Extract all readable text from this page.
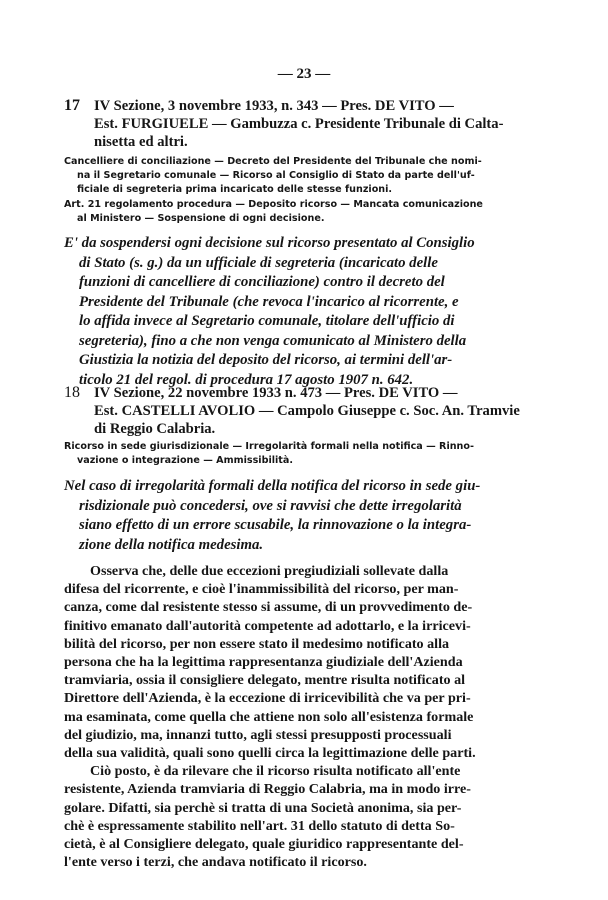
— 23 —
17 IV Sezione, 3 novembre 1933, n. 343 — Pres. DE VITO —
Est. FURGIUELE — Gambuzza c. Presidente Tribunale di Calta-
nisetta ed altri.
Cancelliere di conciliazione — Decreto del Presidente del Tribunale che nomi-
na il Segretario comunale — Ricorso al Consiglio di Stato da parte dell'uf-
ficiale di segreteria prima incaricato delle stesse funzioni.
Art. 21 regolamento procedura — Deposito ricorso — Mancata comunicazione
al Ministero — Sospensione di ogni decisione.
E' da sospendersi ogni decisione sul ricorso presentato al Consiglio
di Stato (s. g.) da un ufficiale di segreteria (incaricato delle
funzioni di cancelliere di conciliazione) contro il decreto del
Presidente del Tribunale (che revoca l'incarico al ricorrente, e
lo affida invece al Segretario comunale, titolare dell'ufficio di
segreteria), fino a che non venga comunicato al Ministero della
Giustizia la notizia del deposito del ricorso, ai termini dell'ar-
ticolo 21 del regol. di procedura 17 agosto 1907 n. 642.
18 IV Sezione, 22 novembre 1933 n. 473 — Pres. DE VITO —
Est. CASTELLI AVOLIO — Campolo Giuseppe c. Soc. An. Tramvie
di Reggio Calabria.
Ricorso in sede giurisdizionale — Irregolarità formali nella notifica — Rinno-
vazione o integrazione — Ammissibilità.
Nel caso di irregolarità formali della notifica del ricorso in sede giu-
risdizionale può concedersi, ove si ravvisi che dette irregolarità
siano effetto di un errore scusabile, la rinnovazione o la integra-
zione della notifica medesima.
Osserva che, delle due eccezioni pregiudiziali sollevate dalla
difesa del ricorrente, e cioè l'inammissibilità del ricorso, per man-
canza, come dal resistente stesso si assume, di un provvedimento de-
finitivo emanato dall'autorità competente ad adottarlo, e la irricevi-
bilità del ricorso, per non essere stato il medesimo notificato alla
persona che ha la legittima rappresentanza giudiziale dell'Azienda
tramviaria, ossia il consigliere delegato, mentre risulta notificato al
Direttore dell'Azienda, è la eccezione di irricevibilità che va per pri-
ma esaminata, come quella che attiene non solo all'esistenza formale
del giudizio, ma, innanzi tutto, agli stessi presupposti processuali
della sua validità, quali sono quelli circa la legittimazione delle parti.
Ciò posto, è da rilevare che il ricorso risulta notificato all'ente
resistente, Azienda tramviaria di Reggio Calabria, ma in modo irre-
golare. Difatti, sia perchè si tratta di una Società anonima, sia per-
chè è espressamente stabilito nell'art. 31 dello statuto di detta So-
cietà, è al Consigliere delegato, quale giuridico rappresentante del-
l'ente verso i terzi, che andava notificato il ricorso.
